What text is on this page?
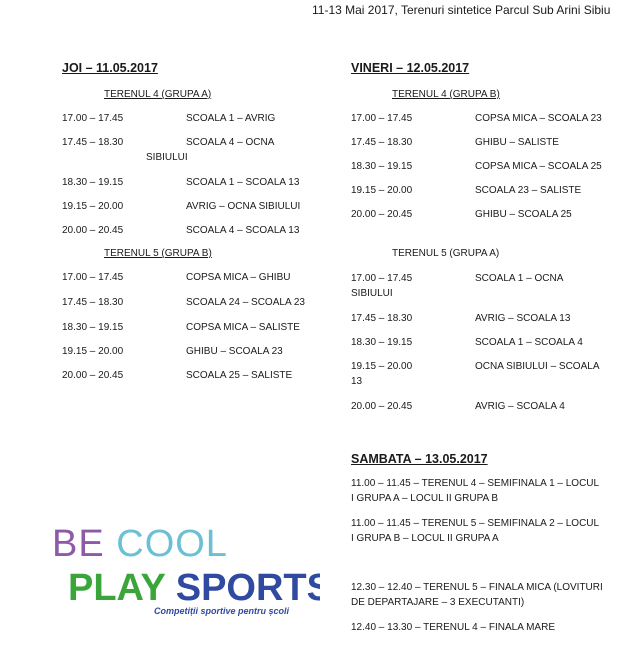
11-13 Mai 2017, Terenuri sintetice Parcul Sub Arini Sibiu
JOI – 11.05.2017
TERENUL 4 (GRUPA A)
17.00 – 17.45	SCOALA 1 – AVRIG
17.45 – 18.30	SCOALA 4 – OCNA
SIBIULUI
18.30 – 19.15	SCOALA 1 – SCOALA 13
19.15 – 20.00	AVRIG – OCNA SIBIULUI
20.00 – 20.45	SCOALA 4 – SCOALA 13
TERENUL 5 (GRUPA B)
17.00 – 17.45	COPSA MICA – GHIBU
17.45 – 18.30	SCOALA 24 – SCOALA 23
18.30 – 19.15	COPSA MICA – SALISTE
19.15 – 20.00	GHIBU – SCOALA 23
20.00 – 20.45	SCOALA 25 – SALISTE
VINERI – 12.05.2017
TERENUL 4 (GRUPA B)
17.00 – 17.45	COPSA MICA – SCOALA 23
17.45 – 18.30	GHIBU – SALISTE
18.30 – 19.15	COPSA MICA – SCOALA 25
19.15 – 20.00	SCOALA 23 – SALISTE
20.00 – 20.45	GHIBU – SCOALA 25
TERENUL 5 (GRUPA A)
17.00 – 17.45	SCOALA 1 – OCNA
SIBIULUI
17.45 – 18.30	AVRIG – SCOALA 13
18.30 – 19.15	SCOALA 1 – SCOALA 4
19.15 – 20.00	OCNA SIBIULUI – SCOALA
13
20.00 – 20.45	AVRIG – SCOALA 4
SAMBATA – 13.05.2017
11.00 – 11.45 – TERENUL 4 – SEMIFINALA 1 – LOCUL
I GRUPA A – LOCUL II GRUPA B
11.00 – 11.45 – TERENUL 5 – SEMIFINALA 2 – LOCUL
I GRUPA B – LOCUL II GRUPA A
12.30 – 12.40 – TERENUL 5 – FINALA MICA (LOVITURI
DE DEPARTAJARE – 3 EXECUTANTI)
12.40 – 13.30 – TERENUL 4 – FINALA MARE
BE COOL
PLAY SPORTS
Competiții sportive pentru școli
